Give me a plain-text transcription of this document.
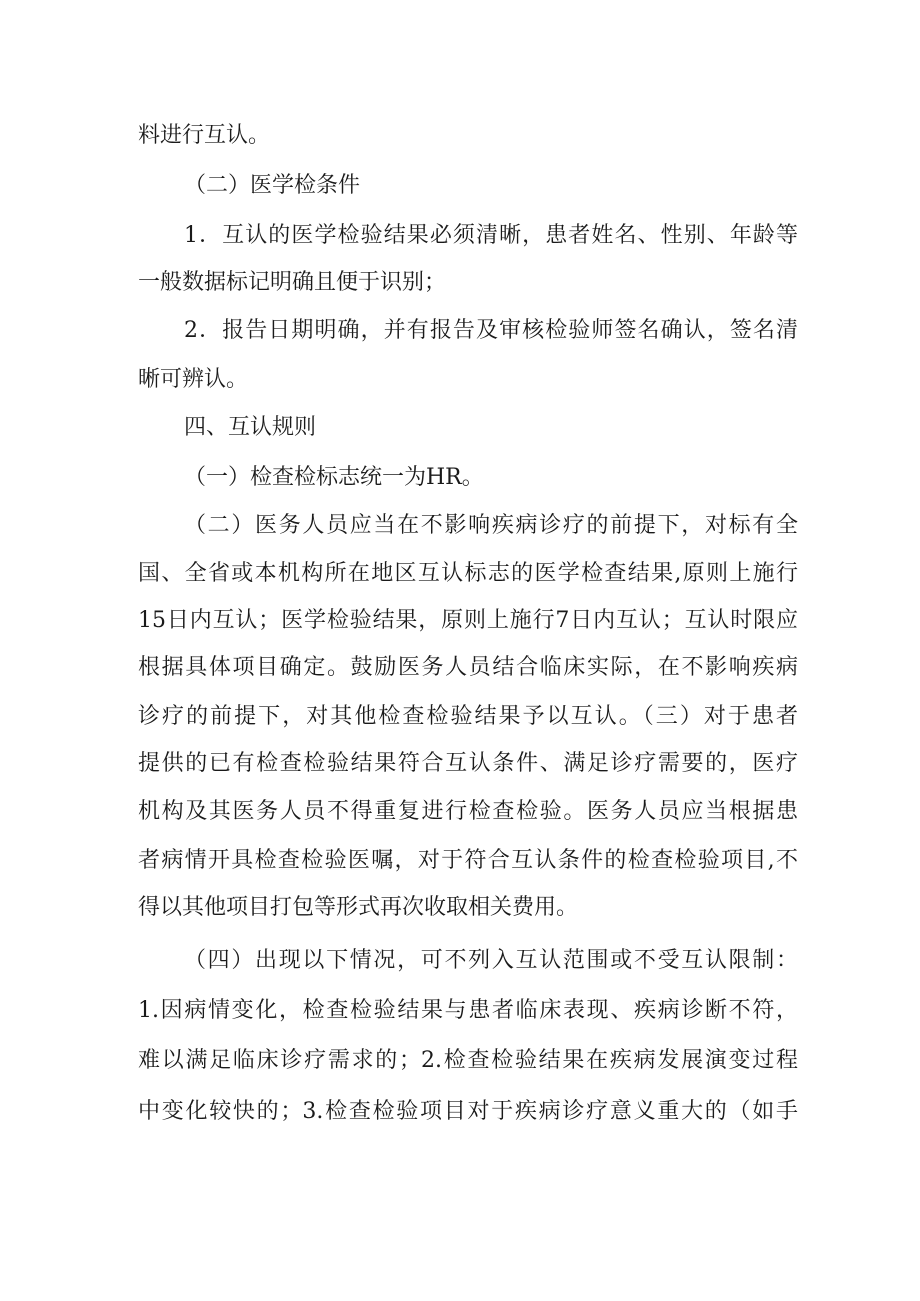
料进行互认。
（二）医学检条件
1．互认的医学检验结果必须清晰，患者姓名、性别、年龄等
一般数据标记明确且便于识别；
2．报告日期明确，并有报告及审核检验师签名确认，签名清
晰可辨认。
四、互认规则
（一）检查检标志统一为HR。
（二）医务人员应当在不影响疾病诊疗的前提下，对标有全
国、全省或本机构所在地区互认标志的医学检查结果,原则上施行
15日内互认；医学检验结果，原则上施行7日内互认；互认时限应
根据具体项目确定。鼓励医务人员结合临床实际，在不影响疾病
诊疗的前提下，对其他检查检验结果予以互认。（三）对于患者
提供的已有检查检验结果符合互认条件、满足诊疗需要的，医疗
机构及其医务人员不得重复进行检查检验。医务人员应当根据患
者病情开具检查检验医嘱，对于符合互认条件的检查检验项目,不
得以其他项目打包等形式再次收取相关费用。
（四）出现以下情况，可不列入互认范围或不受互认限制：
1.因病情变化，检查检验结果与患者临床表现、疾病诊断不符，
难以满足临床诊疗需求的；2.检查检验结果在疾病发展演变过程
中变化较快的；3.检查检验项目对于疾病诊疗意义重大的（如手
